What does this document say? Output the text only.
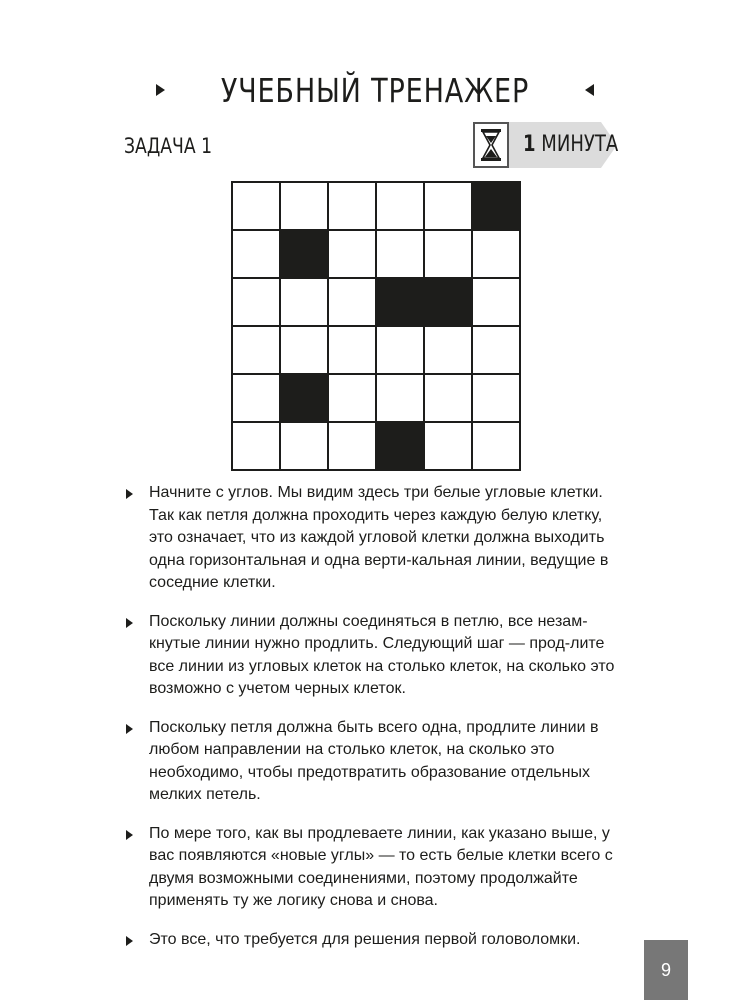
УЧЕБНЫЙ ТРЕНАЖЕР
ЗАДАЧА 1	1 МИНУТА
Начните с углов. Мы видим здесь три белые угловые клетки. Так как петля должна проходить через каждую белую клетку, это означает, что из каждой угловой клетки должна выходить одна горизонтальная и одна верти-кальная линии, ведущие в соседние клетки.
Поскольку линии должны соединяться в петлю, все незам-кнутые линии нужно продлить. Следующий шаг — прод-лите все линии из угловых клеток на столько клеток, на сколько это возможно с учетом черных клеток.
Поскольку петля должна быть всего одна, продлите линии в любом направлении на столько клеток, на сколько это необходимо, чтобы предотвратить образование отдельных мелких петель.
По мере того, как вы продлеваете линии, как указано выше, у вас появляются «новые углы» — то есть белые клетки всего с двумя возможными соединениями, поэтому продолжайте применять ту же логику снова и снова.
Это все, что требуется для решения первой головоломки.
9
